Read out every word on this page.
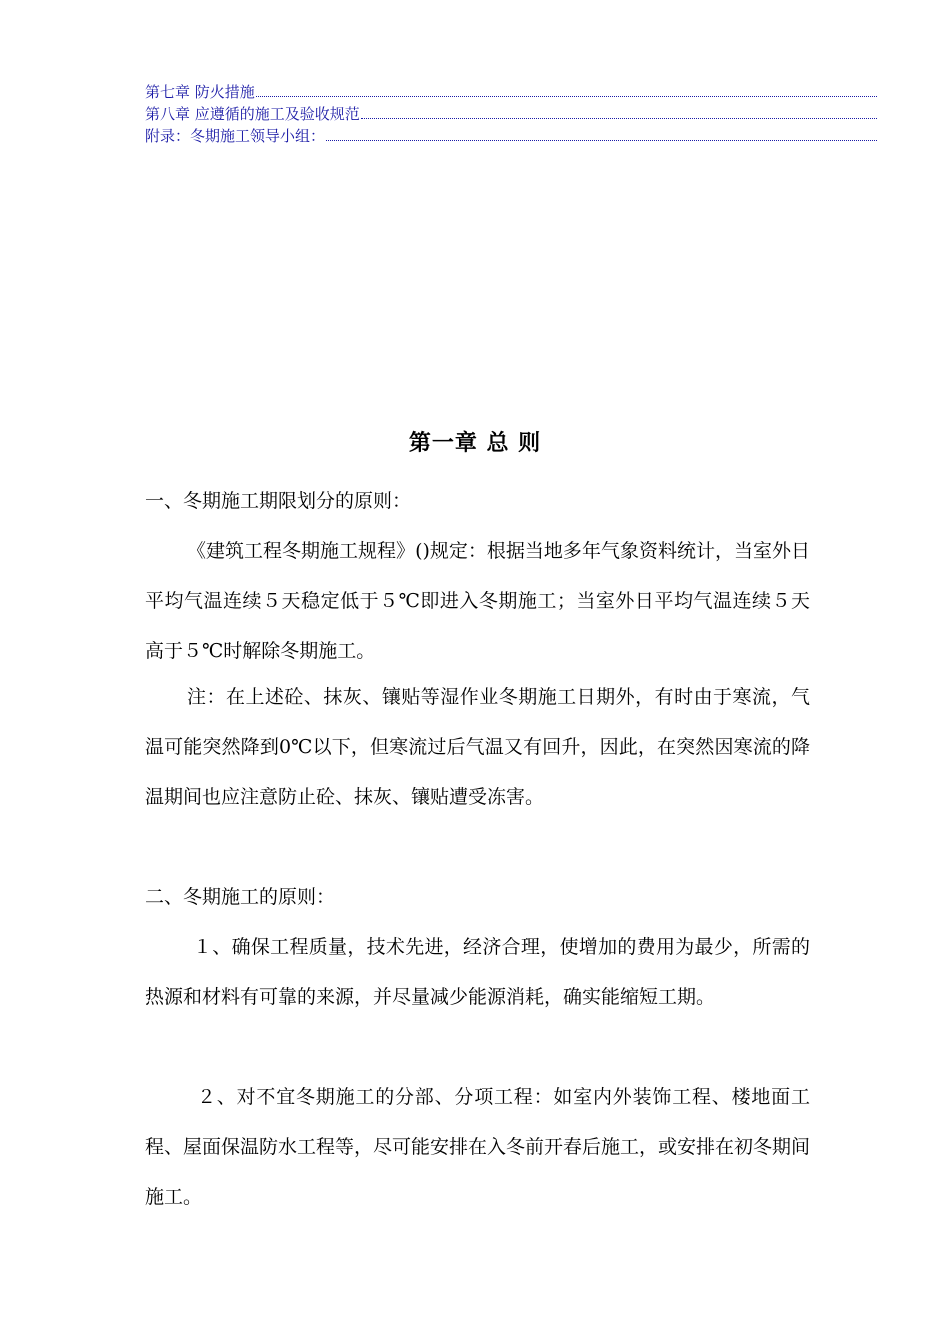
第七章 防火措施
第八章 应遵循的施工及验收规范
附录：冬期施工领导小组：
第一章 总 则

一、冬期施工期限划分的原则：

《建筑工程冬期施工规程》()规定：根据当地多年气象资料统计，当室外日平均气温连续５天稳定低于５℃即进入冬期施工；当室外日平均气温连续５天高于５℃时解除冬期施工。

注：在上述砼、抹灰、镶贴等湿作业冬期施工日期外，有时由于寒流，气温可能突然降到0℃以下，但寒流过后气温又有回升，因此，在突然因寒流的降温期间也应注意防止砼、抹灰、镶贴遭受冻害。

二、冬期施工的原则：

１、确保工程质量，技术先进，经济合理，使增加的费用为最少，所需的热源和材料有可靠的来源，并尽量减少能源消耗，确实能缩短工期。

２、对不宜冬期施工的分部、分项工程：如室内外装饰工程、楼地面工程、屋面保温防水工程等，尽可能安排在入冬前开春后施工，或安排在初冬期间施工。
